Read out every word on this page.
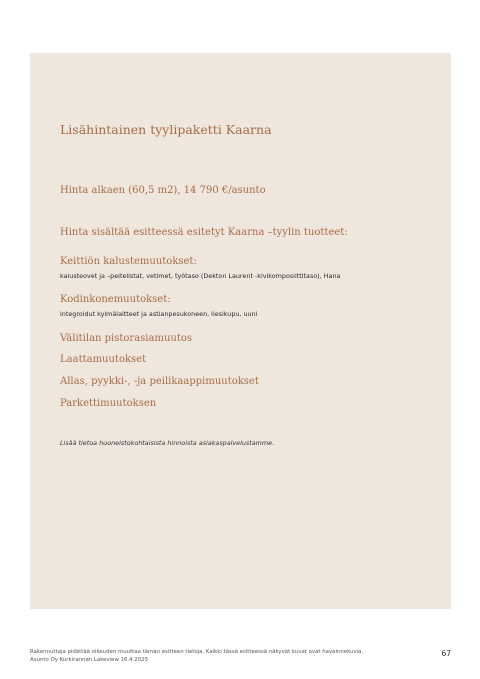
Lisähintainen tyylipaketti Kaarna
Hinta alkaen (60,5 m2), 14 790 €/asunto
Hinta sisältää esitteessä esitetyt Kaarna –tyylin tuotteet:
Keittiön kalustemuutokset:
kalusteovet ja –peitelistat, vetimet, työtaso (Dekton Laurent -kivikomposiittitaso), Hana
Kodinkonemuutokset:
integroidut kylmälaitteet ja astianpesukoneen, liesikupu, uuni
Välitilan pistorasiamuutos
Laattamuutokset
Allas, pyykki-, -ja peilikaappimuutokset
Parkettimuutoksen
Lisää tietoa huoneistokohtaisista hinnoista asiakaspalvelustamme.
Rakennuttaja pidättää oikeuden muuttaa tämän esitteen tietoja. Kaikki tässä esitteessä näkyvät kuvat ovat havainnekuvia.
Asunto Oy Kurkirannan Lakeview 16.4.2025
67
